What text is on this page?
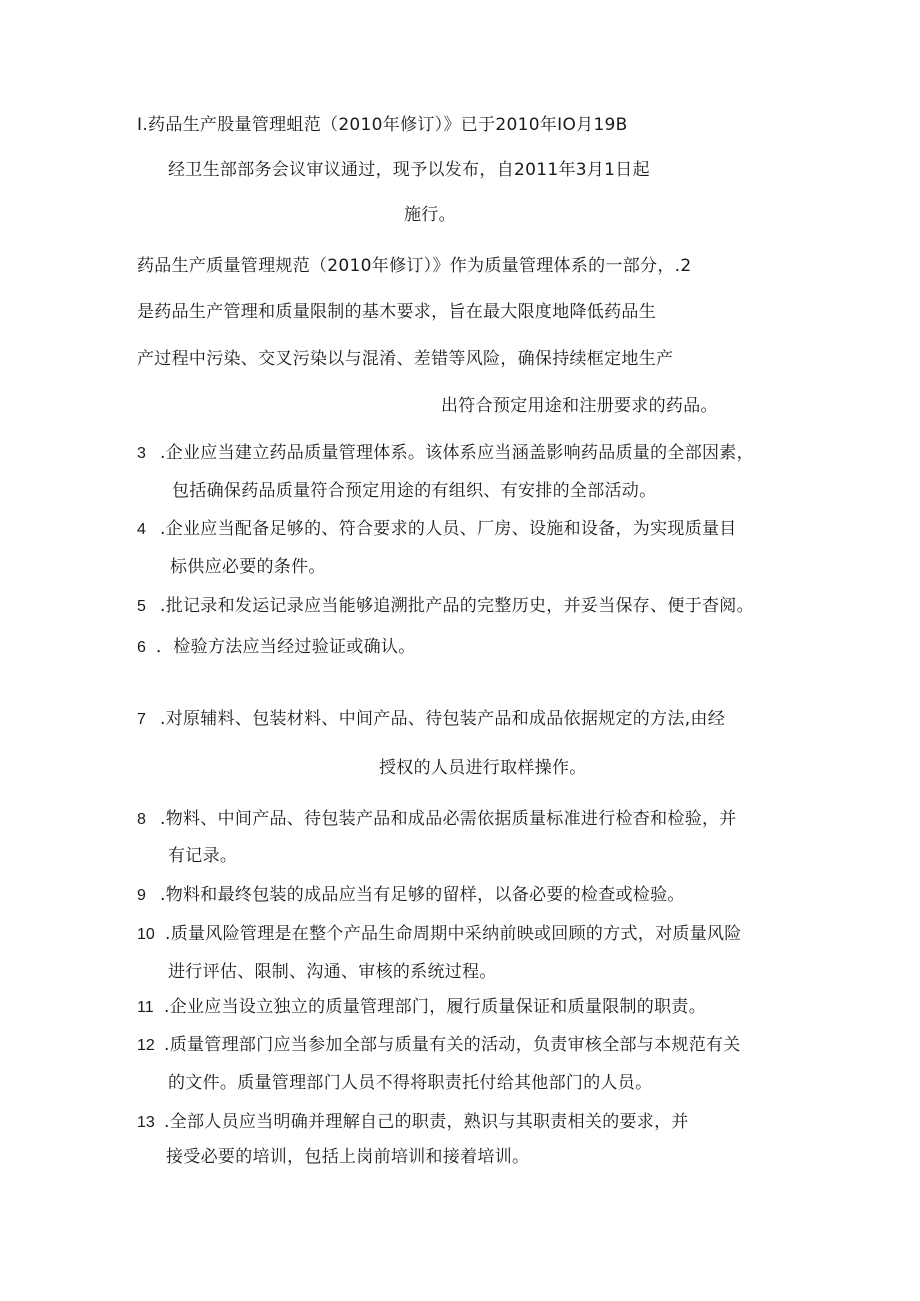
I.药品生产股量管理蛆范（2010年修订）》已于2010年IO月19B
经卫生部部务会议审议通过，现予以发布，自2011年3月1日起
施行。
药品生产质量管理规范（2010年修订）》作为质量管理体系的一部分，.2
是药品生产管理和质量限制的基木要求，旨在最大限度地降低药品生
产过程中污染、交叉污染以与混淆、差错等风险，确保持续框定地生产
出符合预定用途和注册要求的药品。
3 .企业应当建立药品质量管理体系。该体系应当涵盖影响药品质量的全部因素，
包括确保药品质量符合预定用途的有组织、有安排的全部活动。
4 .企业应当配备足够的、符合要求的人员、厂房、设施和设备，为实现质量目
标供应必要的条件。
5 .批记录和发运记录应当能够追溯批产品的完整历史，并妥当保存、便于杳阅。
6 ．检验方法应当经过验证或确认。
7 .对原辅料、包装材料、中间产品、待包装产品和成品依据规定的方法,由经
授权的人员进行取样操作。
8 .物料、中间产品、待包装产品和成品必需依据质量标准进行检杳和检验，并
有记录。
9 .物料和最终包装的成品应当有足够的留样，以备必要的检查或检验。
10 .质量风险管理是在整个产品生命周期中采纳前映或回顾的方式，对质量风险
进行评估、限制、沟通、审核的系统过程。
11 .企业应当设立独立的质量管理部门，履行质量保证和质量限制的职责。
12 .质量管理部门应当参加全部与质量有关的活动，负责审核全部与本规范有关
的文件。质量管理部门人员不得将职责托付给其他部门的人员。
13 .全部人员应当明确并理解自己的职责，熟识与其职责相关的要求，并
接受必要的培训，包括上岗前培训和接着培训。
